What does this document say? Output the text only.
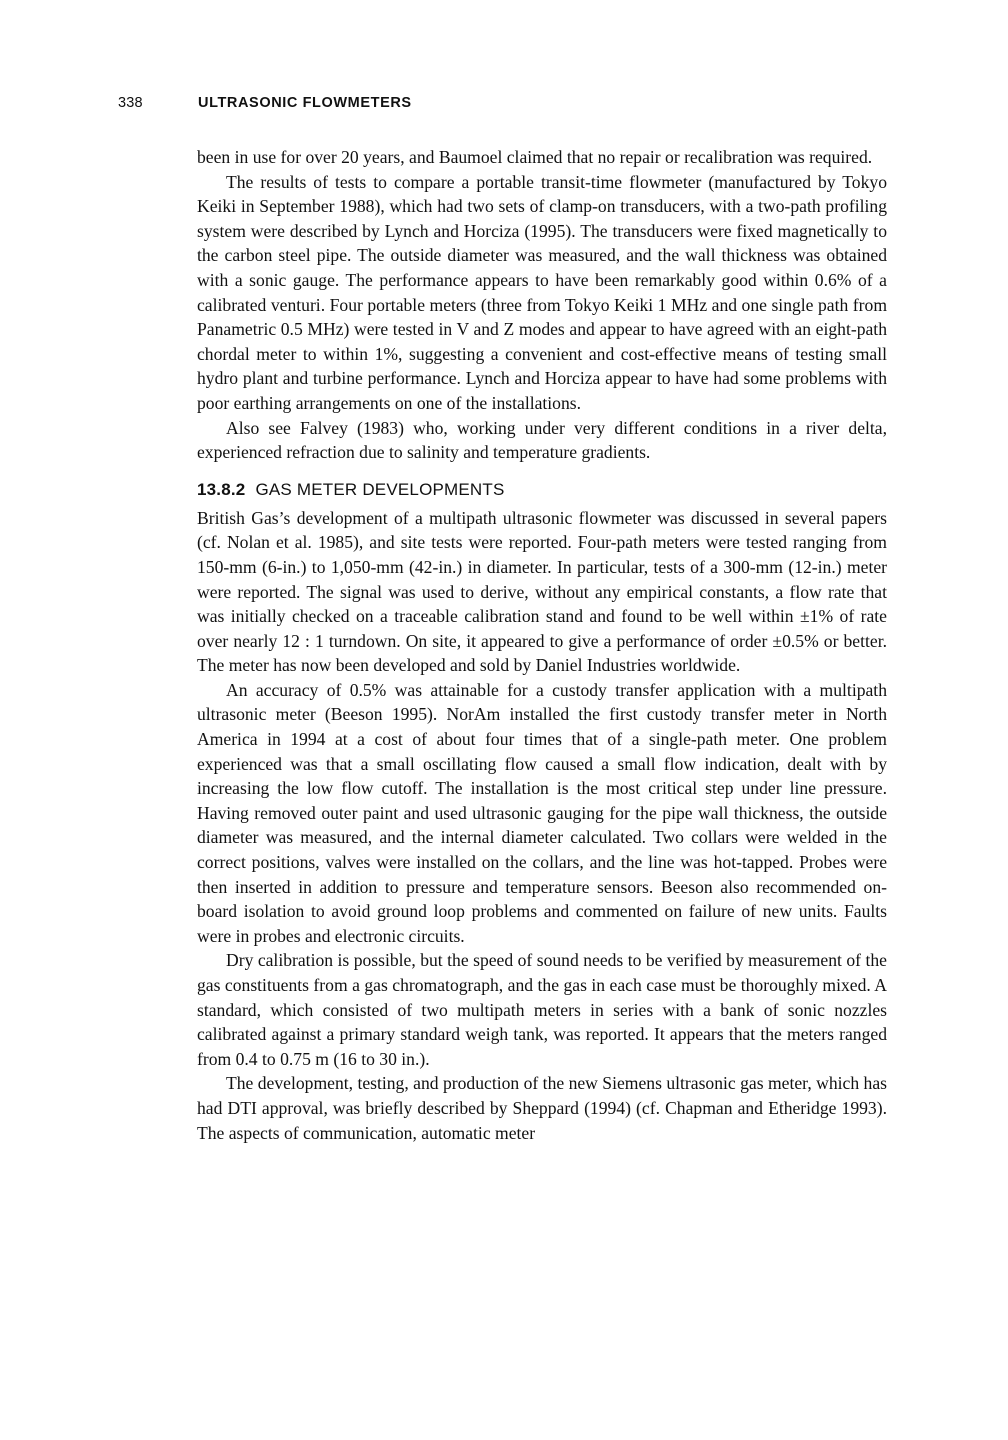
338	ULTRASONIC FLOWMETERS

been in use for over 20 years, and Baumoel claimed that no repair or recalibration was required.

The results of tests to compare a portable transit-time flowmeter (manufactured by Tokyo Keiki in September 1988), which had two sets of clamp-on transducers, with a two-path profiling system were described by Lynch and Horciza (1995). The transducers were fixed magnetically to the carbon steel pipe. The outside diameter was measured, and the wall thickness was obtained with a sonic gauge. The performance appears to have been remarkably good within 0.6% of a calibrated venturi. Four portable meters (three from Tokyo Keiki 1 MHz and one single path from Panametric 0.5 MHz) were tested in V and Z modes and appear to have agreed with an eight-path chordal meter to within 1%, suggesting a convenient and cost-effective means of testing small hydro plant and turbine performance. Lynch and Horciza appear to have had some problems with poor earthing arrangements on one of the installations.

Also see Falvey (1983) who, working under very different conditions in a river delta, experienced refraction due to salinity and temperature gradients.

13.8.2 GAS METER DEVELOPMENTS

British Gas’s development of a multipath ultrasonic flowmeter was discussed in several papers (cf. Nolan et al. 1985), and site tests were reported. Four-path meters were tested ranging from 150-mm (6-in.) to 1,050-mm (42-in.) in diameter. In particular, tests of a 300-mm (12-in.) meter were reported. The signal was used to derive, without any empirical constants, a flow rate that was initially checked on a traceable calibration stand and found to be well within ±1% of rate over nearly 12 : 1 turndown. On site, it appeared to give a performance of order ±0.5% or better. The meter has now been developed and sold by Daniel Industries worldwide.

An accuracy of 0.5% was attainable for a custody transfer application with a multipath ultrasonic meter (Beeson 1995). NorAm installed the first custody transfer meter in North America in 1994 at a cost of about four times that of a single-path meter. One problem experienced was that a small oscillating flow caused a small flow indication, dealt with by increasing the low flow cutoff. The installation is the most critical step under line pressure. Having removed outer paint and used ultrasonic gauging for the pipe wall thickness, the outside diameter was measured, and the internal diameter calculated. Two collars were welded in the correct positions, valves were installed on the collars, and the line was hot-tapped. Probes were then inserted in addition to pressure and temperature sensors. Beeson also recommended on-board isolation to avoid ground loop problems and commented on failure of new units. Faults were in probes and electronic circuits.

Dry calibration is possible, but the speed of sound needs to be verified by measurement of the gas constituents from a gas chromatograph, and the gas in each case must be thoroughly mixed. A standard, which consisted of two multipath meters in series with a bank of sonic nozzles calibrated against a primary standard weigh tank, was reported. It appears that the meters ranged from 0.4 to 0.75 m (16 to 30 in.).

The development, testing, and production of the new Siemens ultrasonic gas meter, which has had DTI approval, was briefly described by Sheppard (1994) (cf. Chapman and Etheridge 1993). The aspects of communication, automatic meter
